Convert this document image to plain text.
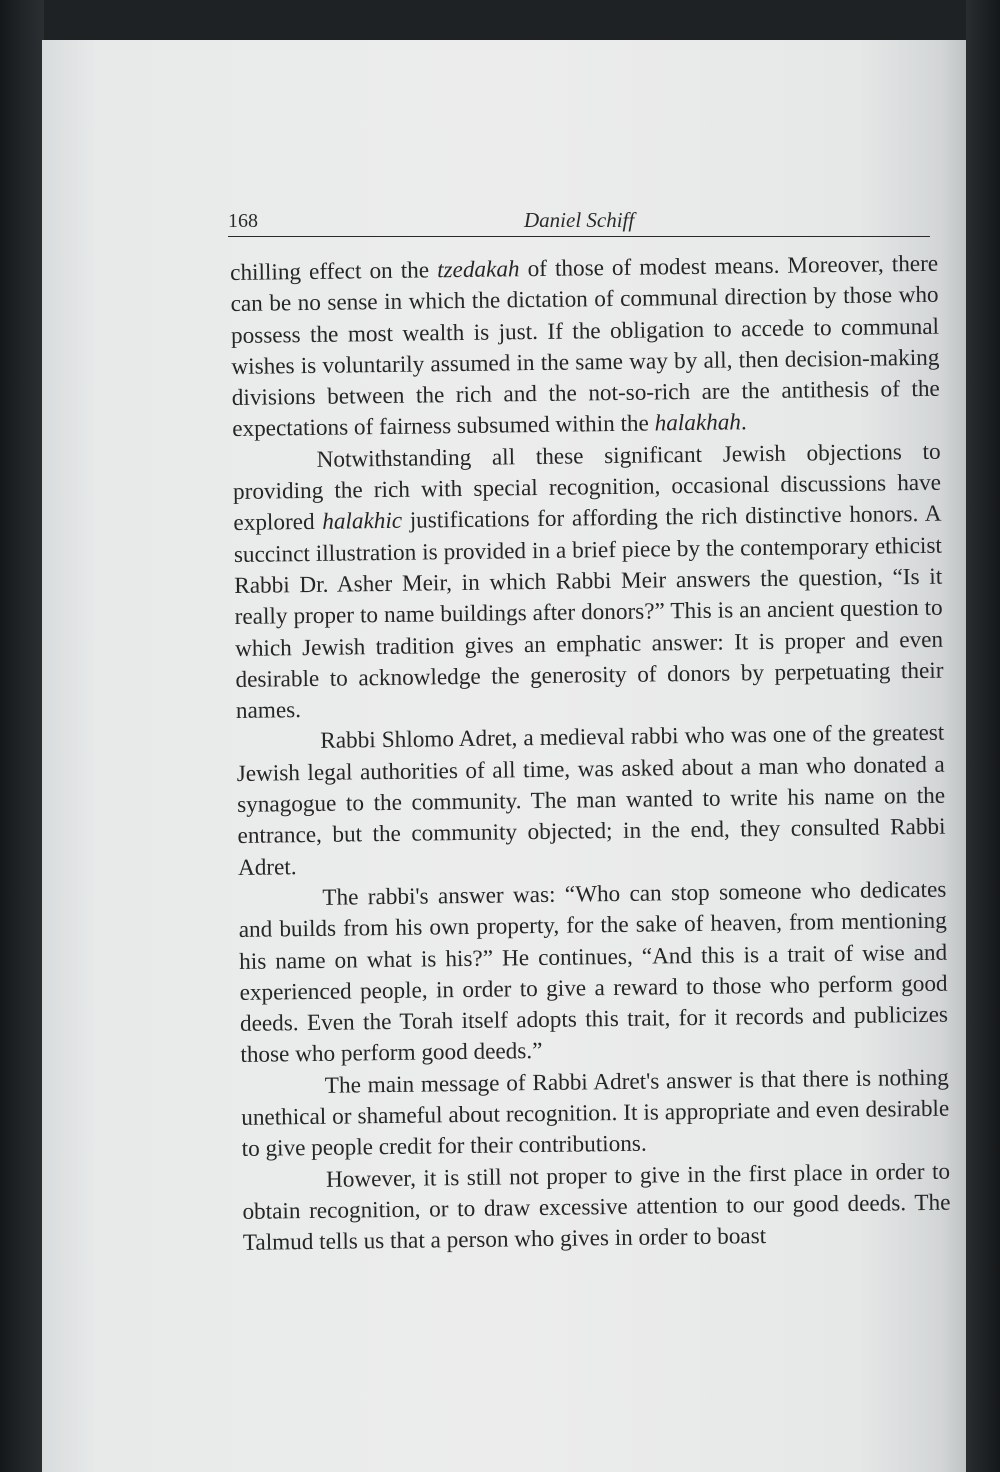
168	Daniel Schiff

chilling effect on the tzedakah of those of modest means. Moreover, there can be no sense in which the dictation of communal direction by those who possess the most wealth is just. If the obligation to accede to communal wishes is voluntarily assumed in the same way by all, then decision-making divisions between the rich and the not-so-rich are the antithesis of the expectations of fairness subsumed within the halakhah.

Notwithstanding all these significant Jewish objections to providing the rich with special recognition, occasional discussions have explored halakhic justifications for affording the rich distinctive honors. A succinct illustration is provided in a brief piece by the contemporary ethicist Rabbi Dr. Asher Meir, in which Rabbi Meir answers the question, “Is it really proper to name buildings after donors?” This is an ancient question to which Jewish tradition gives an emphatic answer: It is proper and even desirable to acknowledge the generosity of donors by perpetuating their names.

Rabbi Shlomo Adret, a medieval rabbi who was one of the greatest Jewish legal authorities of all time, was asked about a man who donated a synagogue to the community. The man wanted to write his name on the entrance, but the community objected; in the end, they consulted Rabbi Adret.

The rabbi's answer was: “Who can stop someone who dedicates and builds from his own property, for the sake of heaven, from mentioning his name on what is his?” He continues, “And this is a trait of wise and experienced people, in order to give a reward to those who perform good deeds. Even the Torah itself adopts this trait, for it records and publicizes those who perform good deeds.”

The main message of Rabbi Adret's answer is that there is nothing unethical or shameful about recognition. It is appropriate and even desirable to give people credit for their contributions.

However, it is still not proper to give in the first place in order to obtain recognition, or to draw excessive attention to our good deeds. The Talmud tells us that a person who gives in order to boast
